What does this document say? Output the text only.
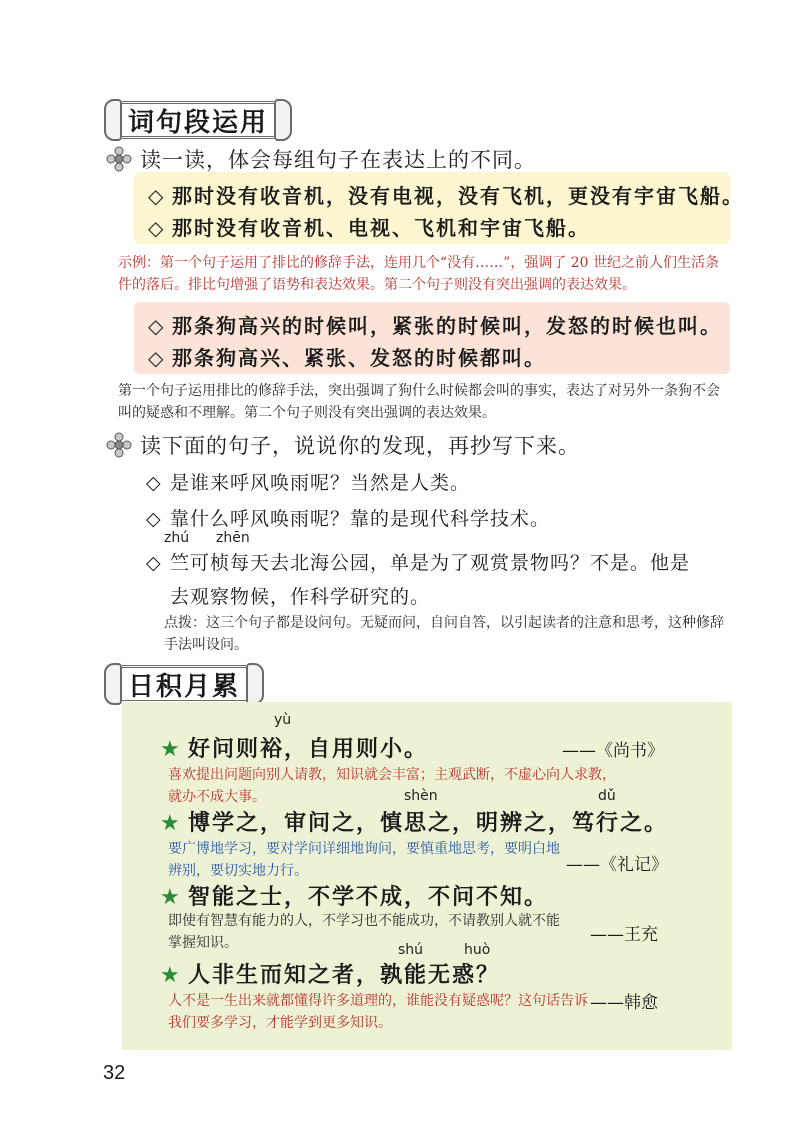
词句段运用
读一读，体会每组句子在表达上的不同。
◇ 那时没有收音机，没有电视，没有飞机，更没有宇宙飞船。
◇ 那时没有收音机、电视、飞机和宇宙飞船。
示例：第一个句子运用了排比的修辞手法，连用几个“没有……”，强调了 20 世纪之前人们生活条件的落后。排比句增强了语势和表达效果。第二个句子则没有突出强调的表达效果。
◇ 那条狗高兴的时候叫，紧张的时候叫，发怒的时候也叫。
◇ 那条狗高兴、紧张、发怒的时候都叫。
第一个句子运用排比的修辞手法，突出强调了狗什么时候都会叫的事实，表达了对另外一条狗不会叫的疑惑和不理解。第二个句子则没有突出强调的表达效果。
读下面的句子，说说你的发现，再抄写下来。
◇ 是谁来呼风唤雨呢？当然是人类。
◇ 靠什么呼风唤雨呢？靠的是现代科学技术。
zhú zhēn
◇ 竺可桢每天去北海公园，单是为了观赏景物吗？不是。他是
去观察物候，作科学研究的。
点拨：这三个句子都是设问句。无疑而问，自问自答，以引起读者的注意和思考，这种修辞手法叫设问。
日积月累
yù
★ 好问则裕，自用则小。	——《尚书》
喜欢提出问题向别人请教，知识就会丰富；主观武断，不虚心向人求教，就办不成大事。	shèn	dǔ
★ 博学之，审问之，慎思之，明辨之，笃行之。
要广博地学习，要对学问详细地询问，要慎重地思考，要明白地辨别，要切实地力行。	——《礼记》
★ 智能之士，不学不成，不问不知。
即使有智慧有能力的人，不学习也不能成功，不请教别人就不能掌握知识。	——王充
shú	huò
★ 人非生而知之者，孰能无惑？
人不是一生出来就都懂得许多道理的，谁能没有疑惑呢？这句话告诉我们要多学习，才能学到更多知识。
——韩愈
32
